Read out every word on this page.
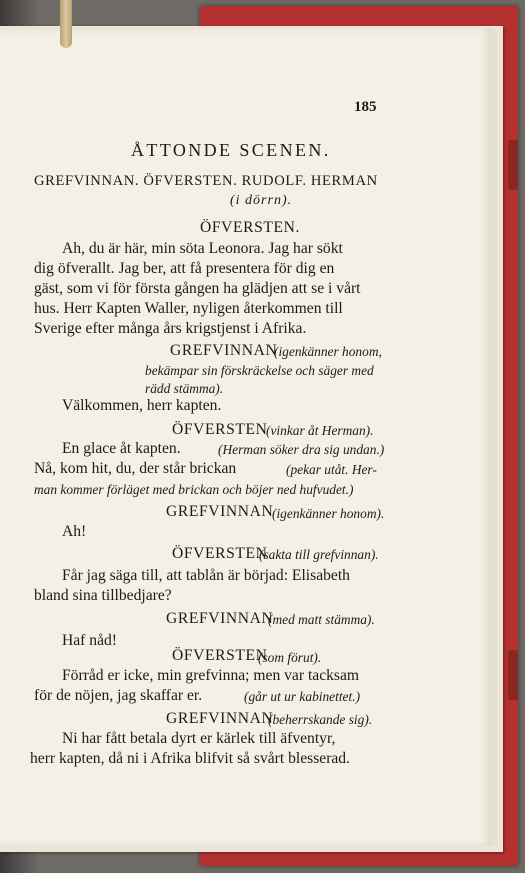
185
ÅTTONDE SCENEN.
GREFVINNAN. ÖFVERSTEN. RUDOLF. HERMAN
(i dörrn).
ÖFVERSTEN.
Ah, du är här, min söta Leonora. Jag har sökt
dig öfverallt. Jag ber, att få presentera för dig en
gäst, som vi för första gången ha glädjen att se i vårt
hus. Herr Kapten Waller, nyligen återkommen till
Sverige efter många års krigstjenst i Afrika.
GREFVINNAN
(igenkänner honom,
bekämpar sin förskräckelse och säger med
rädd stämma).
Välkommen, herr kapten.
ÖFVERSTEN
(vinkar åt Herman).
En glace åt kapten.	(Herman söker dra sig undan.)
Nå, kom hit, du, der står brickan	(pekar utåt. Her-
man kommer förläget med brickan och böjer ned hufvudet.)
GREFVINNAN
(igenkänner honom).
Ah!
ÖFVERSTEN
(sakta till grefvinnan).
Får jag säga till, att tablån är börjad: Elisabeth
bland sina tillbedjare?
GREFVINNAN
(med matt stämma).
Haf nåd!
ÖFVERSTEN
(som förut).
Förråd er icke, min grefvinna; men var tacksam
för de nöjen, jag skaffar er.	(går ut ur kabinettet.)
GREFVINNAN
(beherrskande sig).
Ni har fått betala dyrt er kärlek till äfventyr,
herr kapten, då ni i Afrika blifvit så svårt blesserad.
